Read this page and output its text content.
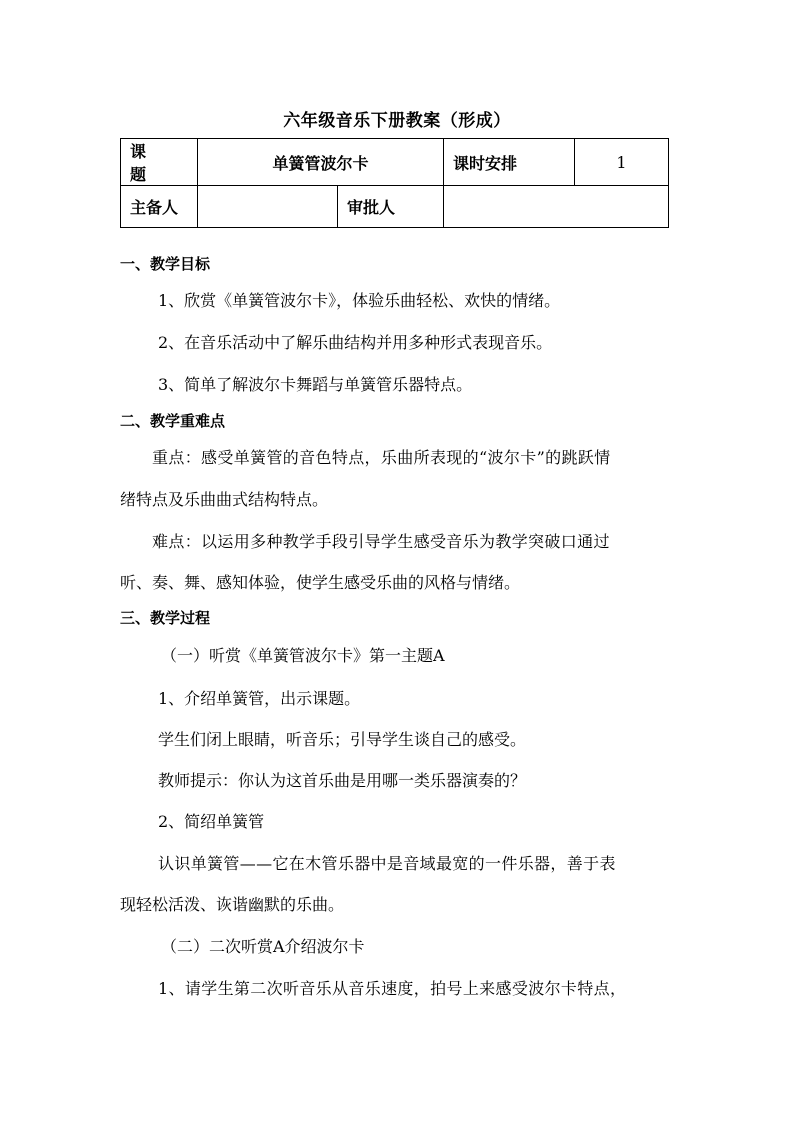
六年级音乐下册教案（形成）
课 题	单簧管波尔卡		课时安排	1
主备人		审批人		
一、教学目标
1、欣赏《单簧管波尔卡》，体验乐曲轻松、欢快的情绪。
2、在音乐活动中了解乐曲结构并用多种形式表现音乐。
3、简单了解波尔卡舞蹈与单簧管乐器特点。
二、教学重难点
重点：感受单簧管的音色特点，乐曲所表现的“波尔卡”的跳跃情
绪特点及乐曲曲式结构特点。
难点：以运用多种教学手段引导学生感受音乐为教学突破口通过
听、奏、舞、感知体验，使学生感受乐曲的风格与情绪。
三、教学过程
（一）听赏《单簧管波尔卡》第一主题A
1、介绍单簧管，出示课题。
学生们闭上眼睛，听音乐；引导学生谈自己的感受。
教师提示：你认为这首乐曲是用哪一类乐器演奏的？
2、简绍单簧管
认识单簧管——它在木管乐器中是音域最宽的一件乐器，善于表
现轻松活泼、诙谐幽默的乐曲。
（二）二次听赏A介绍波尔卡
1、请学生第二次听音乐从音乐速度，拍号上来感受波尔卡特点，
